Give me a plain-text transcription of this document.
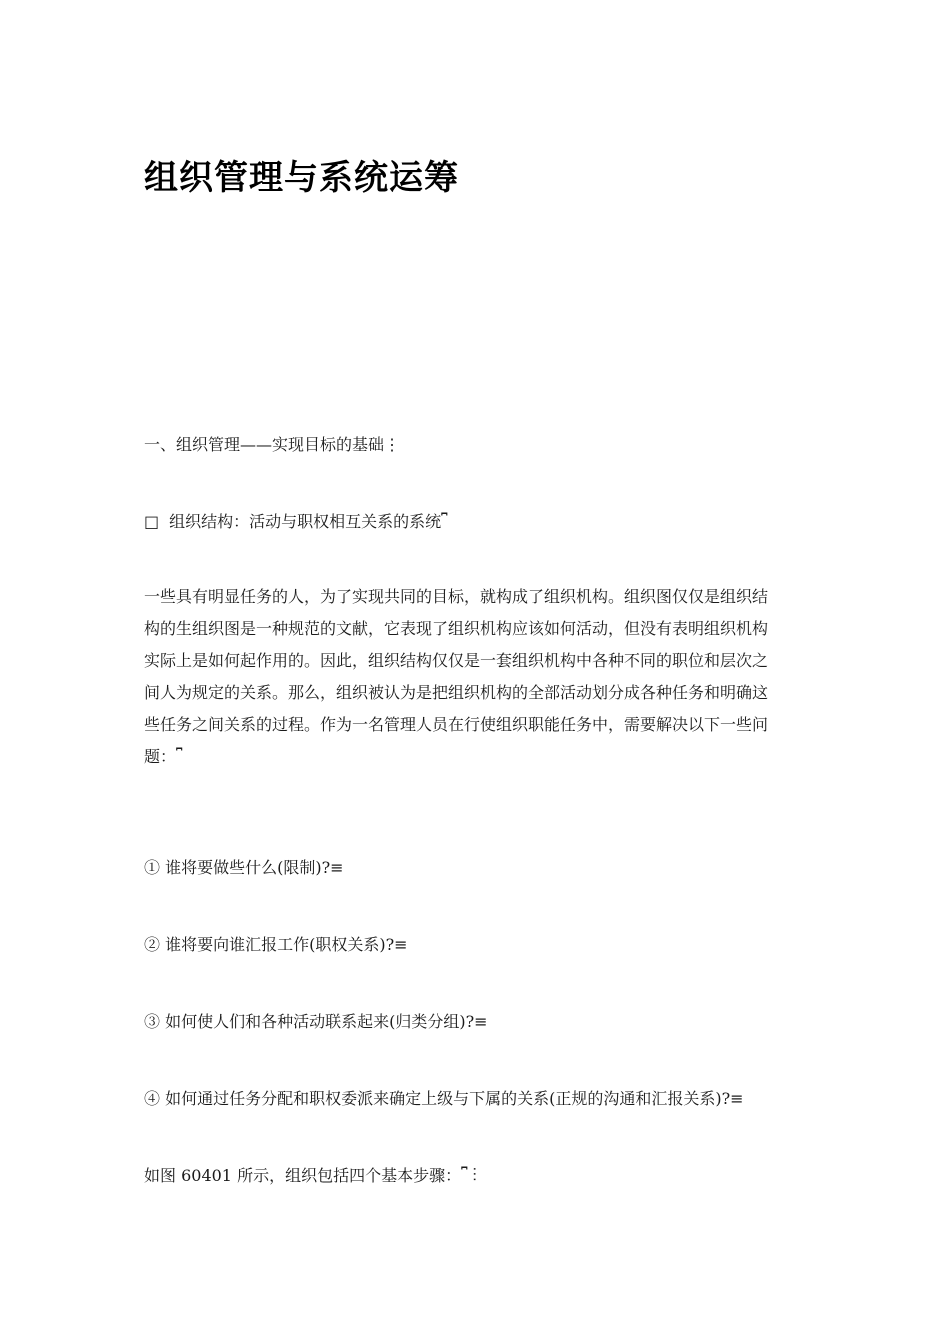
组织管理与系统运筹
一、组织管理——实现目标的基础⋮
□ 组织结构：活动与职权相互关系的系统⎴
一些具有明显任务的人，为了实现共同的目标，就构成了组织机构。组织图仅仅是组织结
构的生组织图是一种规范的文献，它表现了组织机构应该如何活动，但没有表明组织机构
实际上是如何起作用的。因此，组织结构仅仅是一套组织机构中各种不同的职位和层次之
间人为规定的关系。那么，组织被认为是把组织机构的全部活动划分成各种任务和明确这
些任务之间关系的过程。作为一名管理人员在行使组织职能任务中，需要解决以下一些问
题：⎴
① 谁将要做些什么(限制)?≡
② 谁将要向谁汇报工作(职权关系)?≡
③ 如何使人们和各种活动联系起来(归类分组)?≡
④ 如何通过任务分配和职权委派来确定上级与下属的关系(正规的沟通和汇报关系)?≡
如图 60401 所示，组织包括四个基本步骤：⎴ ⋮
